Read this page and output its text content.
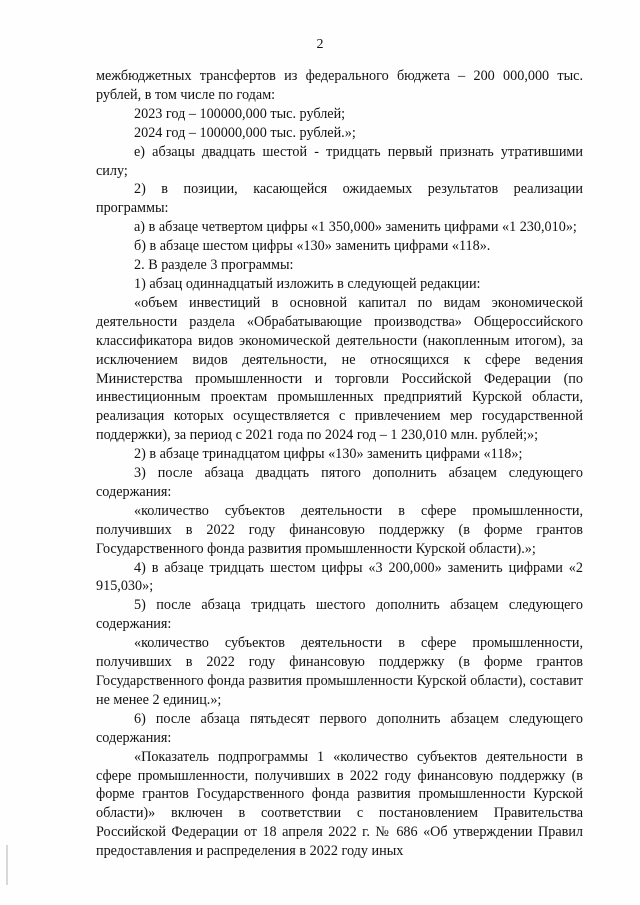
2

межбюджетных трансфертов из федерального бюджета – 200 000,000 тыс. рублей, в том числе по годам:

2023 год – 100000,000 тыс. рублей;

2024 год – 100000,000 тыс. рублей.»;

е) абзацы двадцать шестой - тридцать первый признать утратившими силу;

2) в позиции, касающейся ожидаемых результатов реализации программы:

а) в абзаце четвертом цифры «1 350,000» заменить цифрами «1 230,010»;

б) в абзаце шестом цифры «130» заменить цифрами «118».

2. В разделе 3 программы:

1) абзац одиннадцатый изложить в следующей редакции:

«объем инвестиций в основной капитал по видам экономической деятельности раздела «Обрабатывающие производства» Общероссийского классификатора видов экономической деятельности (накопленным итогом), за исключением видов деятельности, не относящихся к сфере ведения Министерства промышленности и торговли Российской Федерации (по инвестиционным проектам промышленных предприятий Курской области, реализация которых осуществляется с привлечением мер государственной поддержки), за период с 2021 года по 2024 год – 1 230,010 млн. рублей;»;

2) в абзаце тринадцатом цифры «130» заменить цифрами «118»;

3) после абзаца двадцать пятого дополнить абзацем следующего содержания:

«количество субъектов деятельности в сфере промышленности, получивших в 2022 году финансовую поддержку (в форме грантов Государственного фонда развития промышленности Курской области).»;

4) в абзаце тридцать шестом цифры «3 200,000» заменить цифрами «2 915,030»;

5) после абзаца тридцать шестого дополнить абзацем следующего содержания:

«количество субъектов деятельности в сфере промышленности, получивших в 2022 году финансовую поддержку (в форме грантов Государственного фонда развития промышленности Курской области), составит не менее 2 единиц.»;

6) после абзаца пятьдесят первого дополнить абзацем следующего содержания:

«Показатель подпрограммы 1 «количество субъектов деятельности в сфере промышленности, получивших в 2022 году финансовую поддержку (в форме грантов Государственного фонда развития промышленности Курской области)» включен в соответствии с постановлением Правительства Российской Федерации от 18 апреля 2022 г. № 686 «Об утверждении Правил предоставления и распределения в 2022 году иных
